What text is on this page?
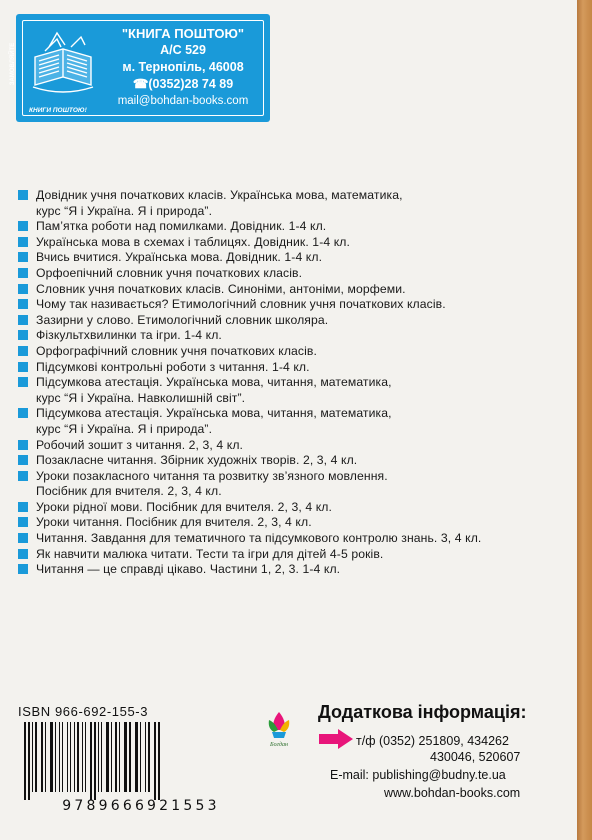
ЗАМОВЛЯЙТЕ
КНИГИ ПОШТОЮ!
"КНИГА ПОШТОЮ"
А/С 529
м. Тернопіль, 46008
☎(0352)28 74 89
mail@bohdan-books.com
Довідник учня початкових класів. Українська мова, математика,
курс “Я і Україна. Я і природа”.
Пам’ятка роботи над помилками. Довідник. 1-4 кл.
Українська мова в схемах і таблицях. Довідник. 1-4 кл.
Вчись вчитися. Українська мова. Довідник. 1-4 кл.
Орфоепічний словник учня початкових класів.
Словник учня початкових класів. Синоніми, антоніми, морфеми.
Чому так називається? Етимологічний словник учня початкових класів.
Зазирни у слово. Етимологічний словник школяра.
Фізкультхвилинки та ігри. 1-4 кл.
Орфографічний словник учня початкових класів.
Підсумкові контрольні роботи з читання. 1-4 кл.
Підсумкова атестація. Українська мова, читання, математика,
курс “Я і Україна. Навколишній світ”.
Підсумкова атестація. Українська мова, читання, математика,
курс “Я і Україна. Я і природа”.
Робочий зошит з читання. 2, 3, 4 кл.
Позакласне читання. Збірник художніх творів. 2, 3, 4 кл.
Уроки позакласного читання та розвитку зв’язного мовлення.
Посібник для вчителя. 2, 3, 4 кл.
Уроки рідної мови. Посібник для вчителя. 2, 3, 4 кл.
Уроки читання. Посібник для вчителя. 2, 3, 4 кл.
Читання. Завдання для тематичного та підсумкового контролю знань. 3, 4 кл.
Як навчити малюка читати. Тести та ігри для дітей 4-5 років.
Читання — це справді цікаво. Частини 1, 2, 3. 1-4 кл.
ISBN 966-692-155-3
9789666921553
Богдан
Додаткова інформація:
т/ф (0352) 251809, 434262
430046, 520607
E-mail: publishing@budny.te.ua
www.bohdan-books.com
